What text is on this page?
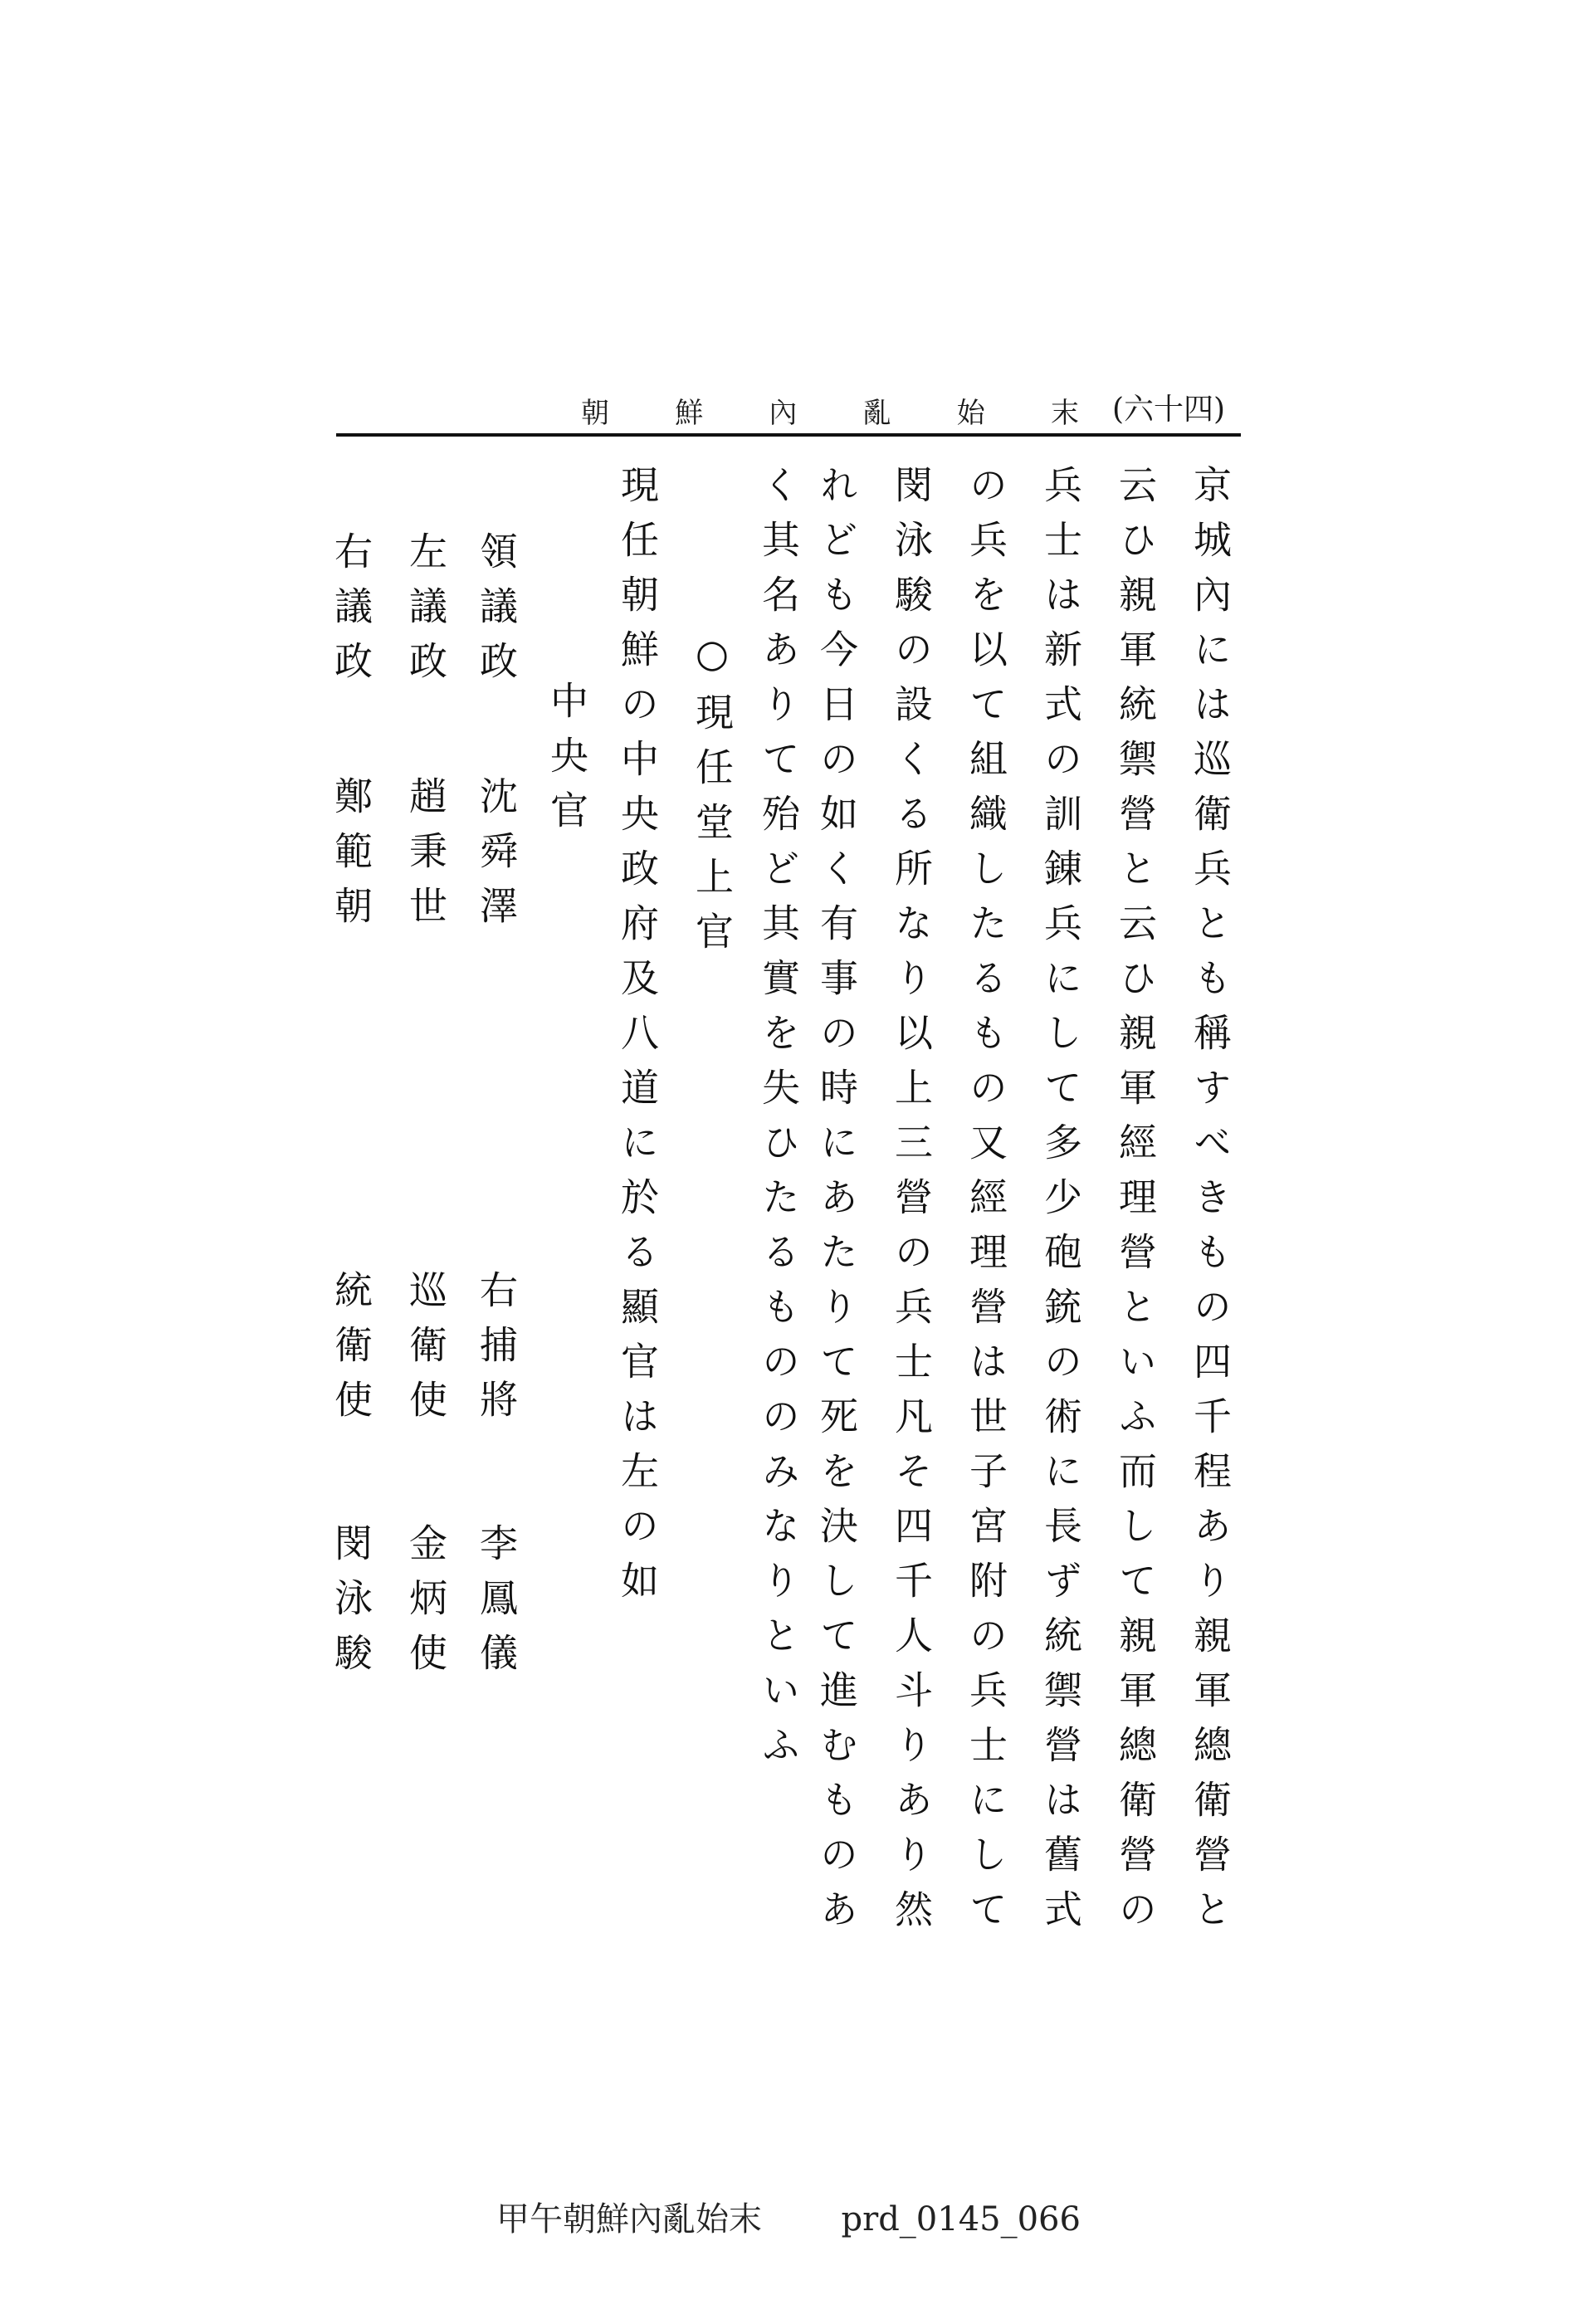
朝 鮮 內 亂 始 末 (六十四)
京城內には巡衛兵とも稱すべきもの四千程あり親軍總衛營と
云ひ親軍統禦營と云ひ親軍經理營といふ而して親軍總衛營の
兵士は新式の訓錬兵にして多少砲銃の術に長ず統禦營は舊式
の兵を以て組織したるもの又經理營は世子宮附の兵士にして
閔泳駿の設くる所なり以上三營の兵士凡そ四千人斗りあり然
れども今日の如く有事の時にあたりて死を決して進むものあ
く其名ありて殆ど其實を失ひたるもののみなりといふ
○現任堂上官
現任朝鮮の中央政府及八道に於る顯官は左の如
中央官
領議政
沈舜澤
左議政
趙秉世
右議政
鄭範朝
右捕將
李鳳儀
巡衛使
金炳使
統衛使
閔泳駿
甲午朝鮮內亂始末 prd_0145_066
